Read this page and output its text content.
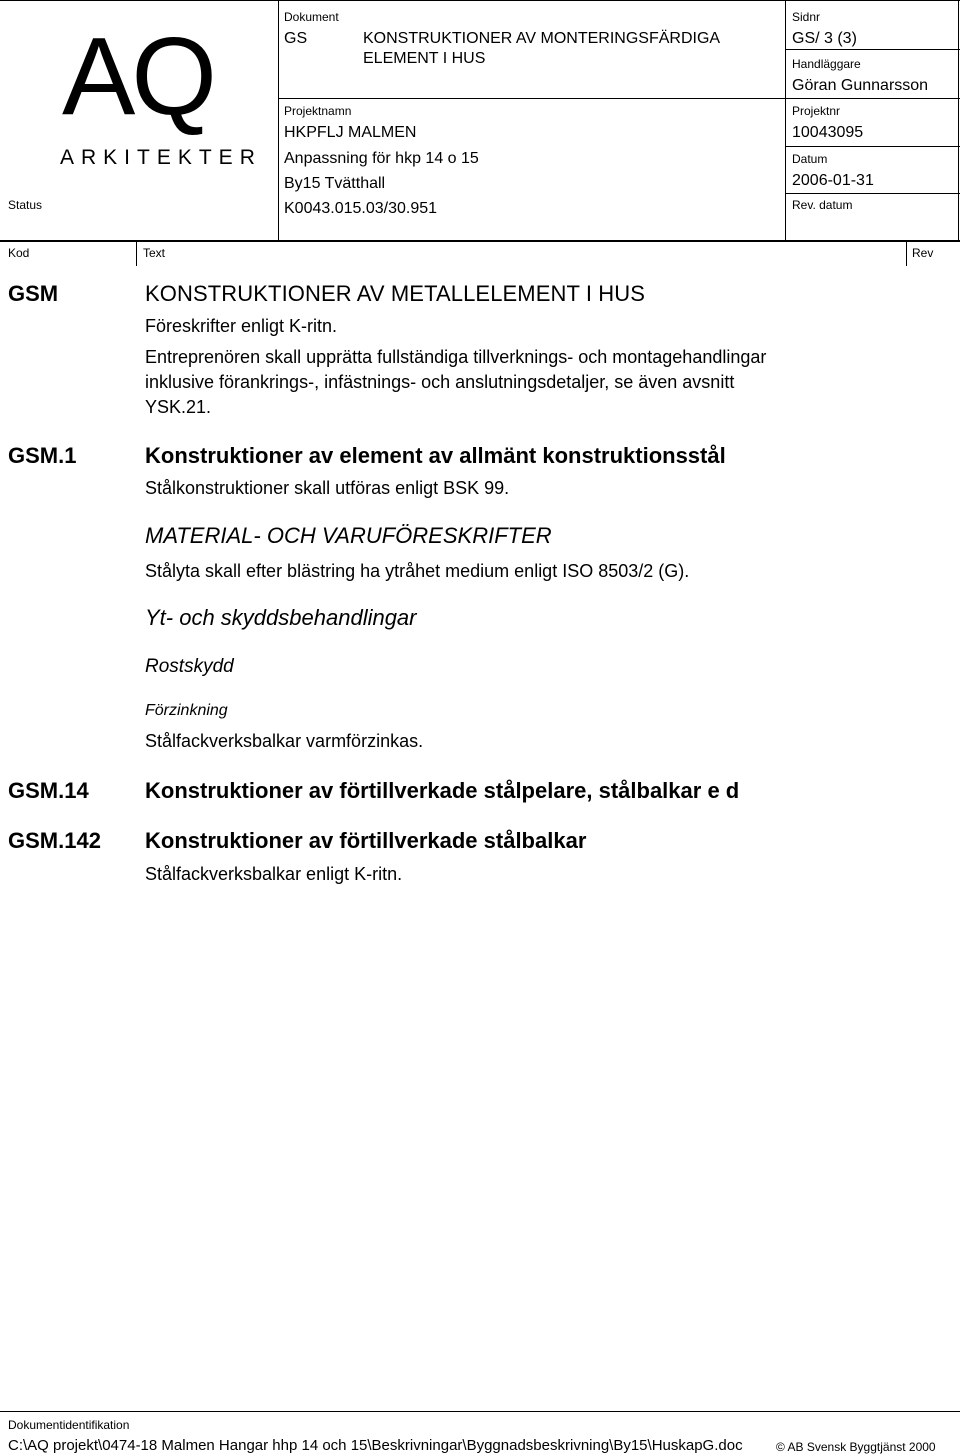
AQ
ARKITEKTER
Status
Dokument
GS	KONSTRUKTIONER AV MONTERINGSFÄRDIGA
ELEMENT I HUS
Projektnamn
HKPFLJ MALMEN
Anpassning för hkp 14 o 15
By15 Tvätthall
K0043.015.03/30.951
Sidnr
GS/ 3 (3)
Handläggare
Göran Gunnarsson
Projektnr
10043095
Datum
2006-01-31
Rev. datum
Kod	Text	Rev
GSM	KONSTRUKTIONER AV METALLELEMENT I HUS
Föreskrifter enligt K-ritn.
Entreprenören skall upprätta fullständiga tillverknings- och montagehandlingar
inklusive förankrings-, infästnings- och anslutningsdetaljer, se även avsnitt
YSK.21.
GSM.1	Konstruktioner av element av allmänt konstruktionsstål
Stålkonstruktioner skall utföras enligt BSK 99.
MATERIAL- OCH VARUFÖRESKRIFTER
Stålyta skall efter blästring ha ytråhet medium enligt ISO 8503/2 (G).
Yt- och skyddsbehandlingar
Rostskydd
Förzinkning
Stålfackverksbalkar varmförzinkas.
GSM.14	Konstruktioner av förtillverkade stålpelare, stålbalkar e d
GSM.142 Konstruktioner av förtillverkade stålbalkar
Stålfackverksbalkar enligt K-ritn.
Dokumentidentifikation
C:\AQ projekt\0474-18 Malmen Hangar hhp 14 och 15\Beskrivningar\Byggnadsbeskrivning\By15\HuskapG.doc	© AB Svensk Byggtjänst 2000
